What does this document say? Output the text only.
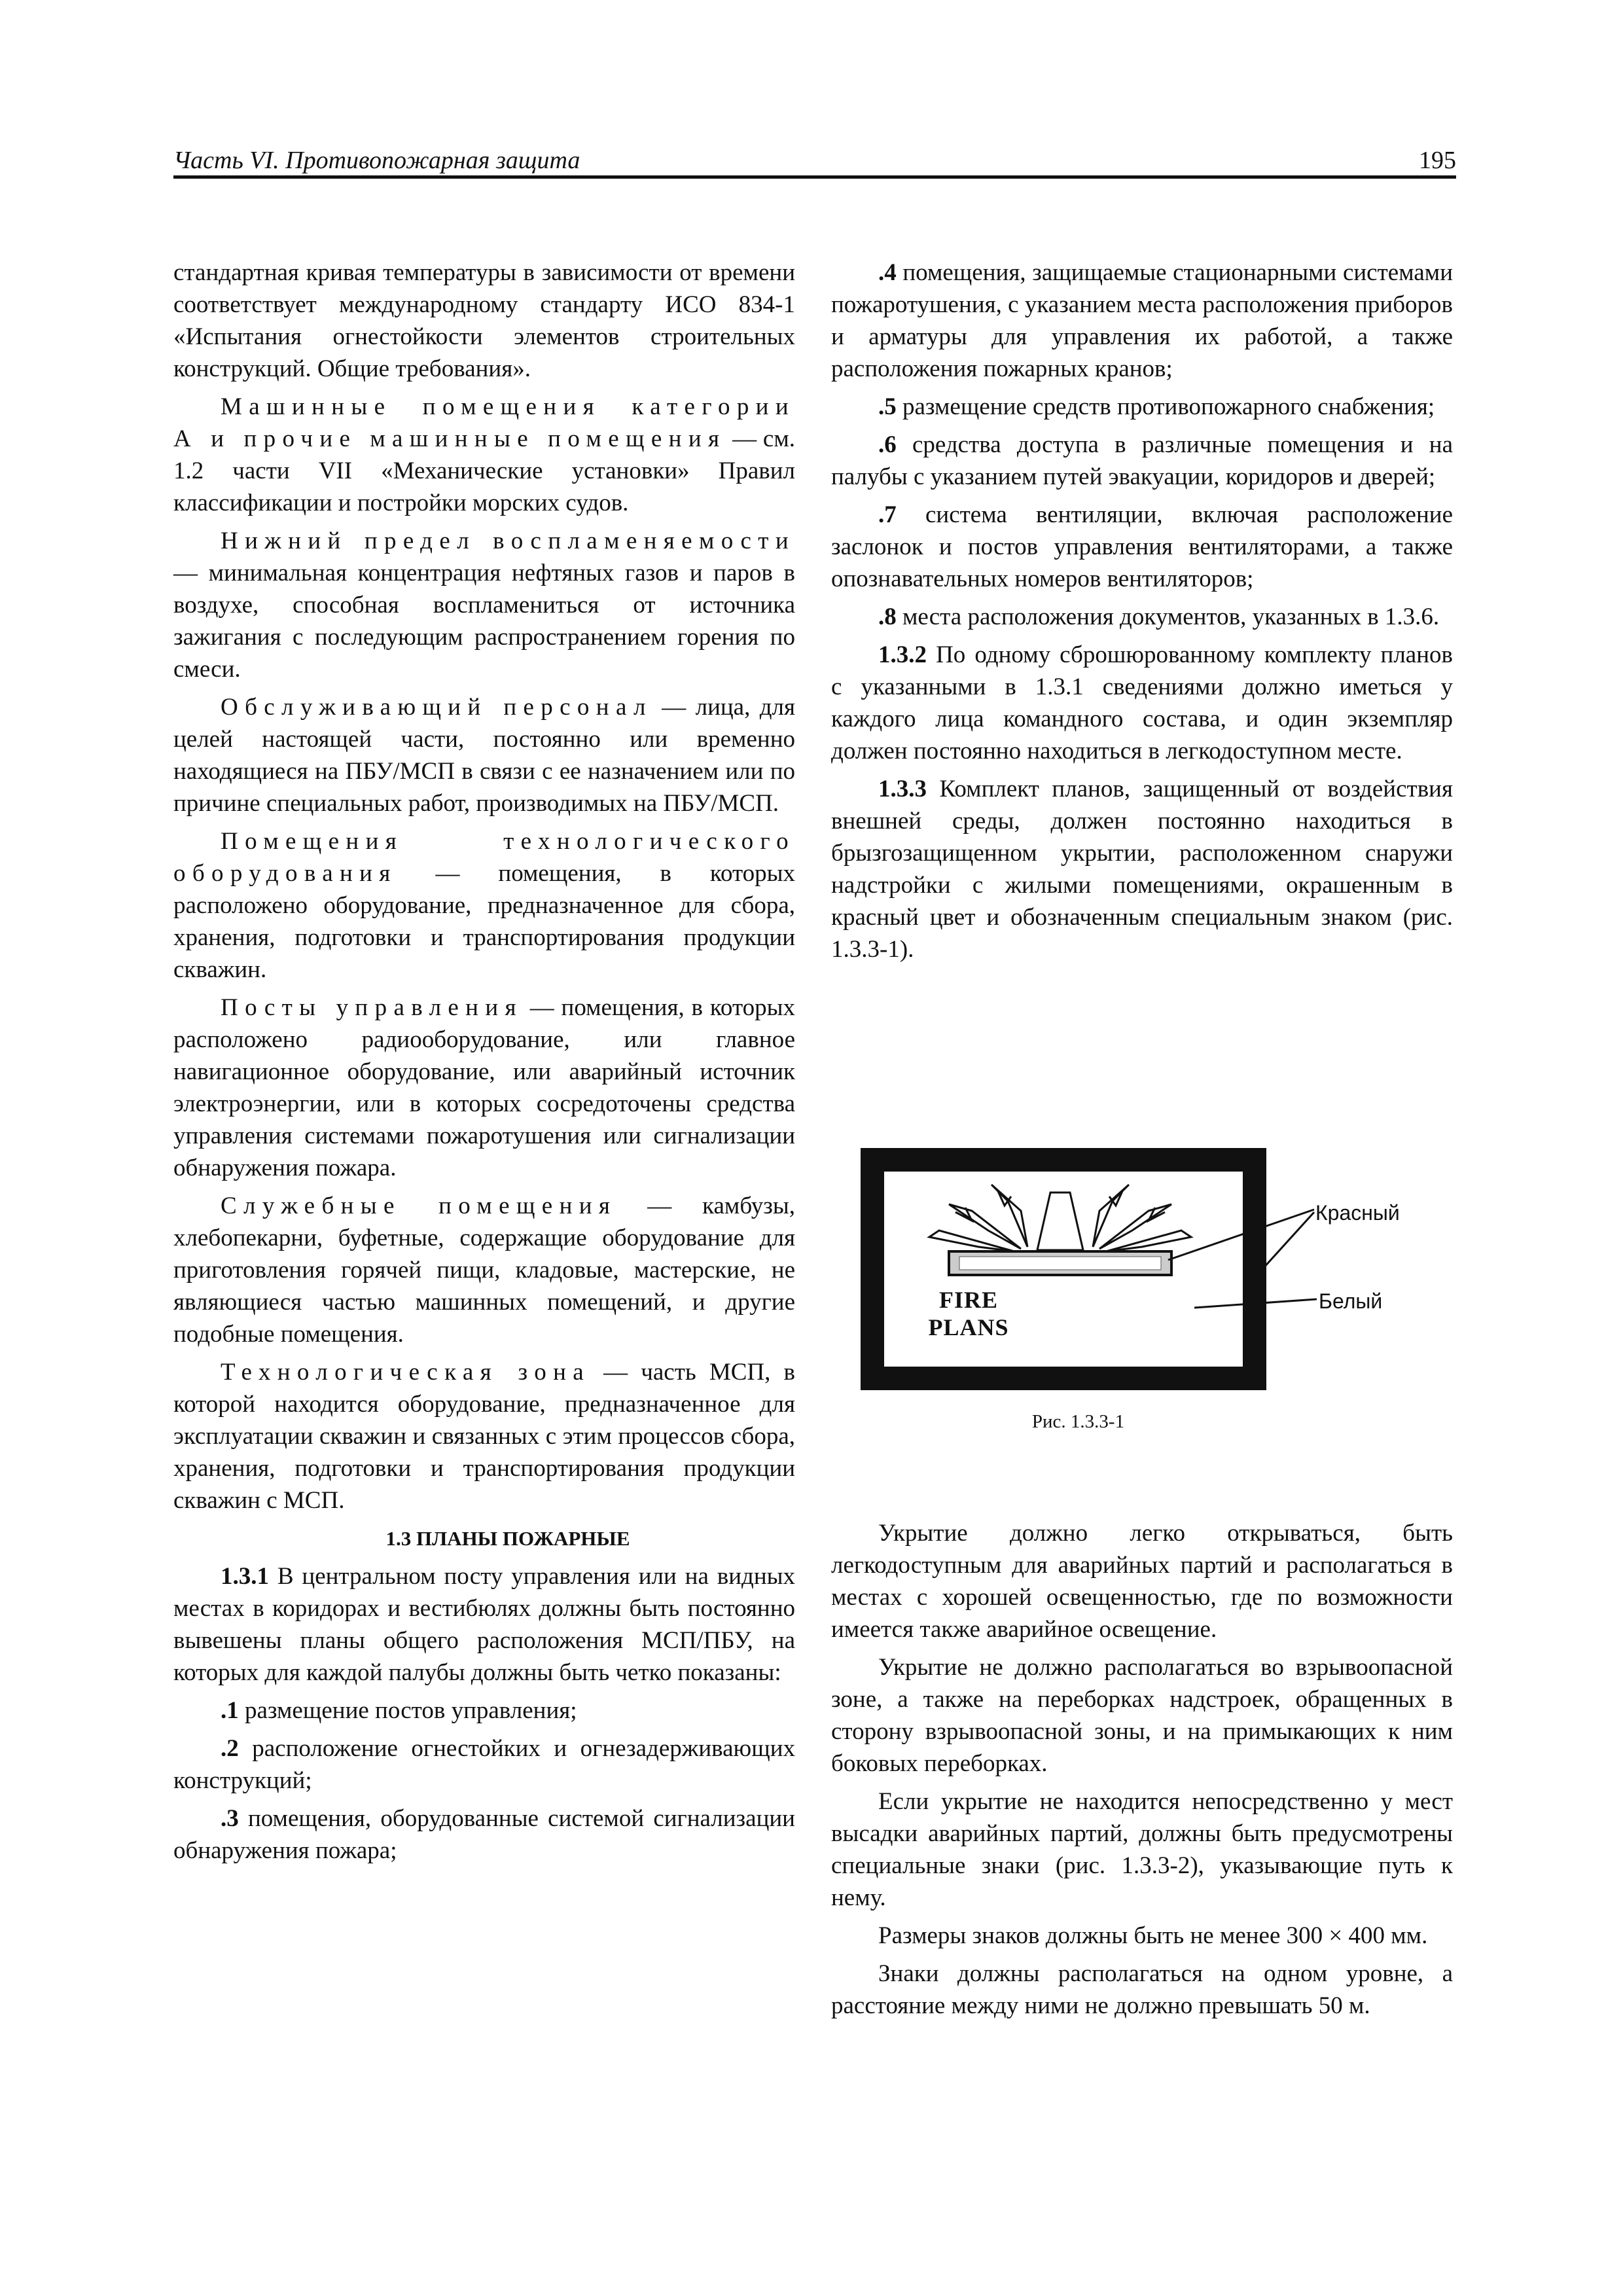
Часть VI. Противопожарная защита	195

стандартная кривая температуры в зависимости от времени соответствует международному стандарту ИСО 834-1 «Испытания огнестойкости элементов строительных конструкций. Общие требования».

Машинные помещения категории А и прочие машинные помещения — см. 1.2 части VII «Механические установки» Правил классификации и постройки морских судов.

Нижний предел воспламеняемости — минимальная концентрация нефтяных газов и паров в воздухе, способная воспламениться от источника зажигания с последующим распространением горения по смеси.

Обслуживающий персонал — лица, для целей настоящей части, постоянно или временно находящиеся на ПБУ/МСП в связи с ее назначением или по причине специальных работ, производимых на ПБУ/МСП.

Помещения технологического оборудования — помещения, в которых расположено оборудование, предназначенное для сбора, хранения, подготовки и транспортирования продукции скважин.

Посты управления — помещения, в которых расположено радиооборудование, или главное навигационное оборудование, или аварийный источник электроэнергии, или в которых сосредоточены средства управления системами пожаротушения или сигнализации обнаружения пожара.

Служебные помещения — камбузы, хлебопекарни, буфетные, содержащие оборудование для приготовления горячей пищи, кладовые, мастерские, не являющиеся частью машинных помещений, и другие подобные помещения.

Технологическая зона — часть МСП, в которой находится оборудование, предназначенное для эксплуатации скважин и связанных с этим процессов сбора, хранения, подготовки и транспортирования продукции скважин с МСП.

1.3 ПЛАНЫ ПОЖАРНЫЕ

1.3.1 В центральном посту управления или на видных местах в коридорах и вестибюлях должны быть постоянно вывешены планы общего расположения МСП/ПБУ, на которых для каждой палубы должны быть четко показаны:

.1 размещение постов управления;

.2 расположение огнестойких и огнезадерживающих конструкций;

.3 помещения, оборудованные системой сигнализации обнаружения пожара;

.4 помещения, защищаемые стационарными системами пожаротушения, с указанием места расположения приборов и арматуры для управления их работой, а также расположения пожарных кранов;

.5 размещение средств противопожарного снабжения;

.6 средства доступа в различные помещения и на палубы с указанием путей эвакуации, коридоров и дверей;

.7 система вентиляции, включая расположение заслонок и постов управления вентиляторами, а также опознавательных номеров вентиляторов;

.8 места расположения документов, указанных в 1.3.6.

1.3.2 По одному сброшюрованному комплекту планов с указанными в 1.3.1 сведениями должно иметься у каждого лица командного состава, и один экземпляр должен постоянно находиться в легкодоступном месте.

1.3.3 Комплект планов, защищенный от воздействия внешней среды, должен постоянно находиться в брызгозащищенном укрытии, расположенном снаружи надстройки с жилыми помещениями, окрашенным в красный цвет и обозначенным специальным знаком (рис. 1.3.3-1).

FIRE PLANS
Красный
Белый
Рис. 1.3.3-1

Укрытие должно легко открываться, быть легкодоступным для аварийных партий и располагаться в местах с хорошей освещенностью, где по возможности имеется также аварийное освещение.

Укрытие не должно располагаться во взрывоопасной зоне, а также на переборках надстроек, обращенных в сторону взрывоопасной зоны, и на примыкающих к ним боковых переборках.

Если укрытие не находится непосредственно у мест высадки аварийных партий, должны быть предусмотрены специальные знаки (рис. 1.3.3-2), указывающие путь к нему.

Размеры знаков должны быть не менее 300 × 400 мм.

Знаки должны располагаться на одном уровне, а расстояние между ними не должно превышать 50 м.
